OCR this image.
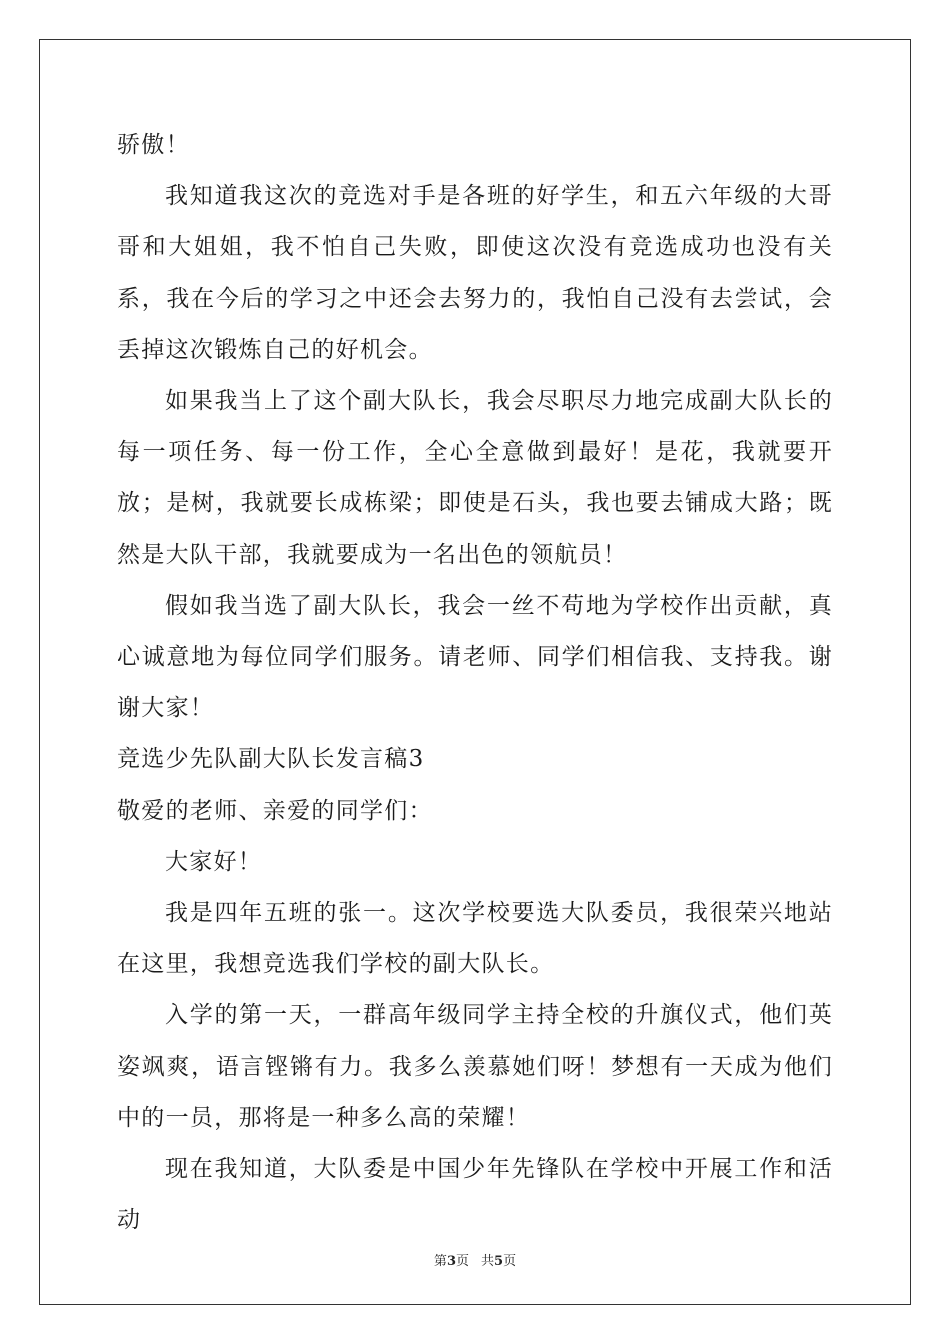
骄傲！

我知道我这次的竞选对手是各班的好学生，和五六年级的大哥哥和大姐姐，我不怕自己失败，即使这次没有竞选成功也没有关系，我在今后的学习之中还会去努力的，我怕自己没有去尝试，会丢掉这次锻炼自己的好机会。

如果我当上了这个副大队长，我会尽职尽力地完成副大队长的每一项任务、每一份工作，全心全意做到最好！是花，我就要开放；是树，我就要长成栋梁；即使是石头，我也要去铺成大路；既然是大队干部，我就要成为一名出色的领航员！

假如我当选了副大队长，我会一丝不苟地为学校作出贡献，真心诚意地为每位同学们服务。请老师、同学们相信我、支持我。谢谢大家！

竞选少先队副大队长发言稿3

敬爱的老师、亲爱的同学们：

大家好！

我是四年五班的张一。这次学校要选大队委员，我很荣兴地站在这里，我想竞选我们学校的副大队长。

入学的第一天，一群高年级同学主持全校的升旗仪式，他们英姿飒爽，语言铿锵有力。我多么羡慕她们呀！梦想有一天成为他们中的一员，那将是一种多么高的荣耀！

现在我知道，大队委是中国少年先锋队在学校中开展工作和活动

第3页 共5页
